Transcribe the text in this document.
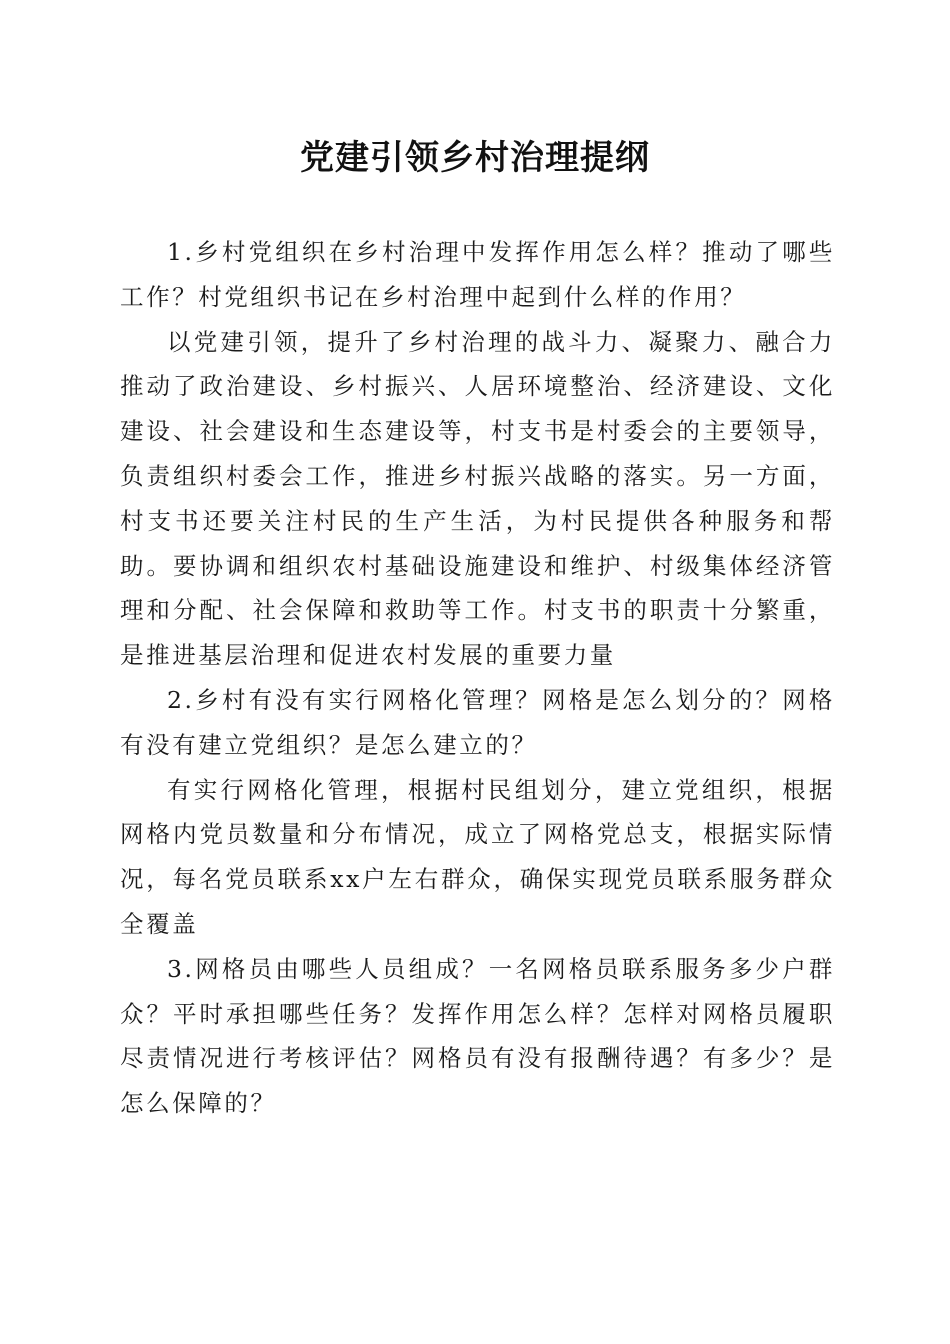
党建引领乡村治理提纲

1.乡村党组织在乡村治理中发挥作用怎么样？推动了哪些工作？村党组织书记在乡村治理中起到什么样的作用？

以党建引领，提升了乡村治理的战斗力、凝聚力、融合力推动了政治建设、乡村振兴、人居环境整治、经济建设、文化建设、社会建设和生态建设等，村支书是村委会的主要领导，负责组织村委会工作，推进乡村振兴战略的落实。另一方面，村支书还要关注村民的生产生活，为村民提供各种服务和帮助。要协调和组织农村基础设施建设和维护、村级集体经济管理和分配、社会保障和救助等工作。村支书的职责十分繁重，是推进基层治理和促进农村发展的重要力量

2.乡村有没有实行网格化管理？网格是怎么划分的？网格有没有建立党组织？是怎么建立的？

有实行网格化管理，根据村民组划分，建立党组织，根据网格内党员数量和分布情况，成立了网格党总支，根据实际情况，每名党员联系xx户左右群众，确保实现党员联系服务群众全覆盖

3.网格员由哪些人员组成？一名网格员联系服务多少户群众？平时承担哪些任务？发挥作用怎么样？怎样对网格员履职尽责情况进行考核评估？网格员有没有报酬待遇？有多少？是怎么保障的？
